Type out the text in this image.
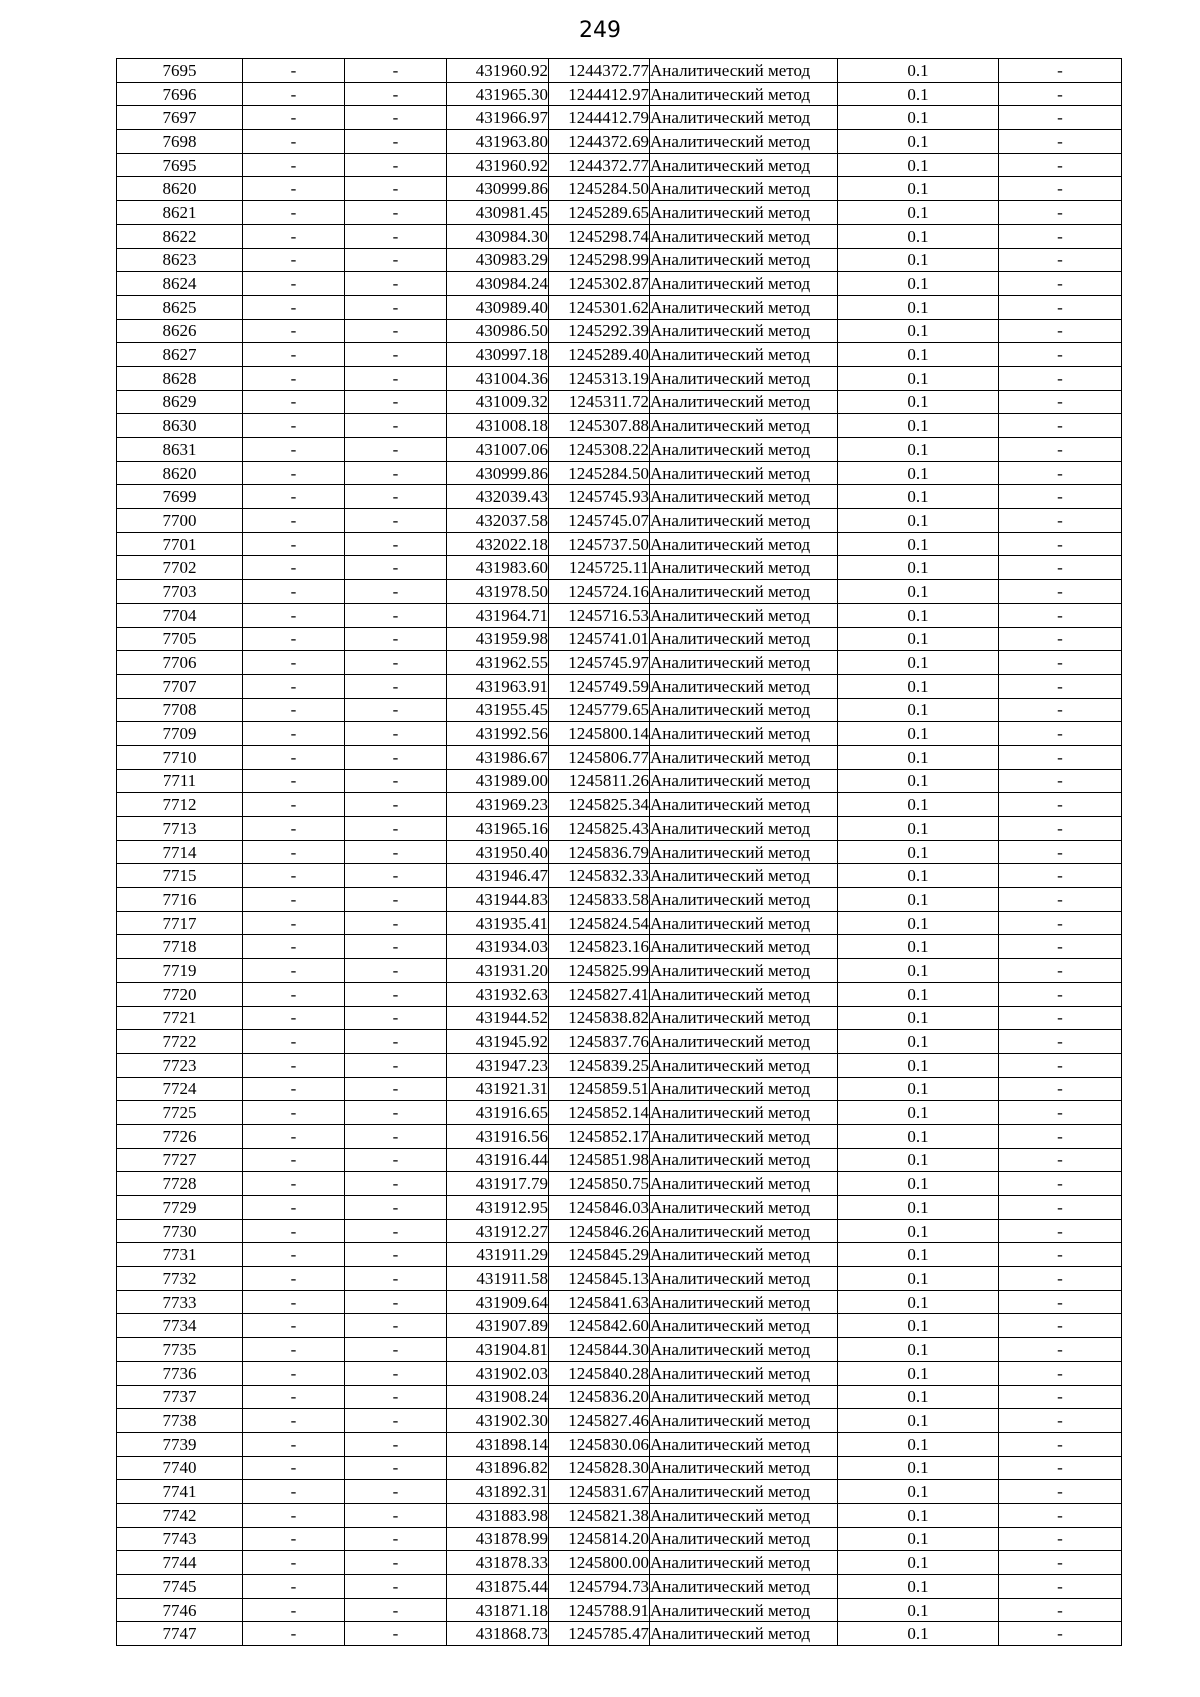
249
7695	-	-	431960.92	1244372.77	Аналитический метод	0.1	-
7696	-	-	431965.30	1244412.97	Аналитический метод	0.1	-
7697	-	-	431966.97	1244412.79	Аналитический метод	0.1	-
7698	-	-	431963.80	1244372.69	Аналитический метод	0.1	-
7695	-	-	431960.92	1244372.77	Аналитический метод	0.1	-
8620	-	-	430999.86	1245284.50	Аналитический метод	0.1	-
8621	-	-	430981.45	1245289.65	Аналитический метод	0.1	-
8622	-	-	430984.30	1245298.74	Аналитический метод	0.1	-
8623	-	-	430983.29	1245298.99	Аналитический метод	0.1	-
8624	-	-	430984.24	1245302.87	Аналитический метод	0.1	-
8625	-	-	430989.40	1245301.62	Аналитический метод	0.1	-
8626	-	-	430986.50	1245292.39	Аналитический метод	0.1	-
8627	-	-	430997.18	1245289.40	Аналитический метод	0.1	-
8628	-	-	431004.36	1245313.19	Аналитический метод	0.1	-
8629	-	-	431009.32	1245311.72	Аналитический метод	0.1	-
8630	-	-	431008.18	1245307.88	Аналитический метод	0.1	-
8631	-	-	431007.06	1245308.22	Аналитический метод	0.1	-
8620	-	-	430999.86	1245284.50	Аналитический метод	0.1	-
7699	-	-	432039.43	1245745.93	Аналитический метод	0.1	-
7700	-	-	432037.58	1245745.07	Аналитический метод	0.1	-
7701	-	-	432022.18	1245737.50	Аналитический метод	0.1	-
7702	-	-	431983.60	1245725.11	Аналитический метод	0.1	-
7703	-	-	431978.50	1245724.16	Аналитический метод	0.1	-
7704	-	-	431964.71	1245716.53	Аналитический метод	0.1	-
7705	-	-	431959.98	1245741.01	Аналитический метод	0.1	-
7706	-	-	431962.55	1245745.97	Аналитический метод	0.1	-
7707	-	-	431963.91	1245749.59	Аналитический метод	0.1	-
7708	-	-	431955.45	1245779.65	Аналитический метод	0.1	-
7709	-	-	431992.56	1245800.14	Аналитический метод	0.1	-
7710	-	-	431986.67	1245806.77	Аналитический метод	0.1	-
7711	-	-	431989.00	1245811.26	Аналитический метод	0.1	-
7712	-	-	431969.23	1245825.34	Аналитический метод	0.1	-
7713	-	-	431965.16	1245825.43	Аналитический метод	0.1	-
7714	-	-	431950.40	1245836.79	Аналитический метод	0.1	-
7715	-	-	431946.47	1245832.33	Аналитический метод	0.1	-
7716	-	-	431944.83	1245833.58	Аналитический метод	0.1	-
7717	-	-	431935.41	1245824.54	Аналитический метод	0.1	-
7718	-	-	431934.03	1245823.16	Аналитический метод	0.1	-
7719	-	-	431931.20	1245825.99	Аналитический метод	0.1	-
7720	-	-	431932.63	1245827.41	Аналитический метод	0.1	-
7721	-	-	431944.52	1245838.82	Аналитический метод	0.1	-
7722	-	-	431945.92	1245837.76	Аналитический метод	0.1	-
7723	-	-	431947.23	1245839.25	Аналитический метод	0.1	-
7724	-	-	431921.31	1245859.51	Аналитический метод	0.1	-
7725	-	-	431916.65	1245852.14	Аналитический метод	0.1	-
7726	-	-	431916.56	1245852.17	Аналитический метод	0.1	-
7727	-	-	431916.44	1245851.98	Аналитический метод	0.1	-
7728	-	-	431917.79	1245850.75	Аналитический метод	0.1	-
7729	-	-	431912.95	1245846.03	Аналитический метод	0.1	-
7730	-	-	431912.27	1245846.26	Аналитический метод	0.1	-
7731	-	-	431911.29	1245845.29	Аналитический метод	0.1	-
7732	-	-	431911.58	1245845.13	Аналитический метод	0.1	-
7733	-	-	431909.64	1245841.63	Аналитический метод	0.1	-
7734	-	-	431907.89	1245842.60	Аналитический метод	0.1	-
7735	-	-	431904.81	1245844.30	Аналитический метод	0.1	-
7736	-	-	431902.03	1245840.28	Аналитический метод	0.1	-
7737	-	-	431908.24	1245836.20	Аналитический метод	0.1	-
7738	-	-	431902.30	1245827.46	Аналитический метод	0.1	-
7739	-	-	431898.14	1245830.06	Аналитический метод	0.1	-
7740	-	-	431896.82	1245828.30	Аналитический метод	0.1	-
7741	-	-	431892.31	1245831.67	Аналитический метод	0.1	-
7742	-	-	431883.98	1245821.38	Аналитический метод	0.1	-
7743	-	-	431878.99	1245814.20	Аналитический метод	0.1	-
7744	-	-	431878.33	1245800.00	Аналитический метод	0.1	-
7745	-	-	431875.44	1245794.73	Аналитический метод	0.1	-
7746	-	-	431871.18	1245788.91	Аналитический метод	0.1	-
7747	-	-	431868.73	1245785.47	Аналитический метод	0.1	-
